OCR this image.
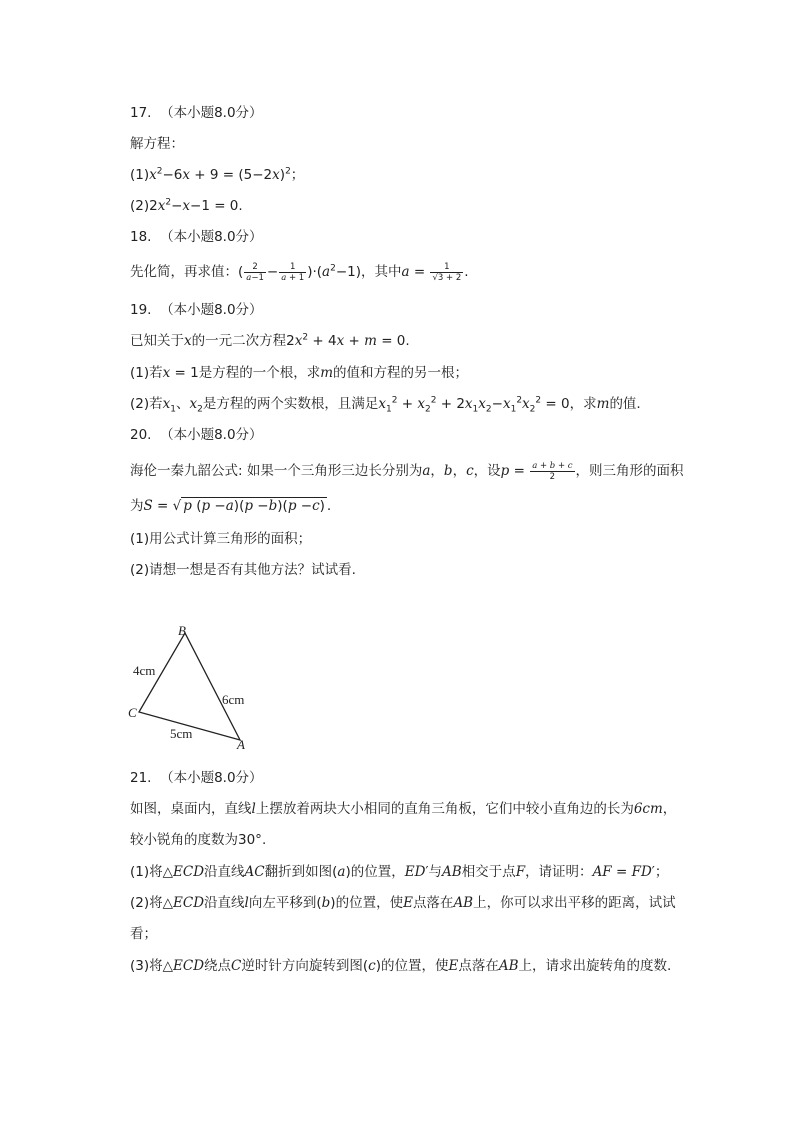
17. （本小题8.0分）
解方程：
$(1)x^2-6x + 9 = (5-2x)^2$；
$(2)2x^2-x-1 = 0$.
18. （本小题8.0分）
先化简，再求值：( $\frac{2}{a-1} - \frac{1}{a + 1} )\cdot(a^2-1)$，其中$a = \frac{1}{√3 + 2}$ .
19. （本小题8.0分）
已知关于x的一元二次方程$2x^2 + 4x + m = 0$.
(1)若x = 1是方程的一个根，求m的值和方程的另一根；
(2)若$x_1$、$x_2$是方程的两个实数根，且满足$x_1^2 + x_2^2 + 2x_1x_2-x_1^2x_2^2 = 0$，求m的值.
20. （本小题8.0分）
海伦一秦九韶公式: 如果一个三角形三边长分别为a，b，c，设$p = \frac{a + b + c}{2}$ ，则三角形的面积
为S = √ p (p −a)(p −b)(p −c) .
(1)用公式计算三角形的面积；
(2)请想一想是否有其他方法？试试看.
B
C
A
4cm
6cm
5cm
21. （本小题8.0分）
如图，桌面内，直线l上摆放着两块大小相同的直角三角板，它们中较小直角边的长为6cm，
较小锐角的度数为30°.
(1)将△ECD沿直线AC翻折到如图(a)的位置，ED′与AB相交于点F，请证明：AF = FD′；
(2)将△ECD沿直线l向左平移到(b)的位置，使E点落在AB上，你可以求出平移的距离，试试
看；
(3)将△ECD绕点C逆时针方向旋转到图(c)的位置，使E点落在AB上，请求出旋转角的度数.
